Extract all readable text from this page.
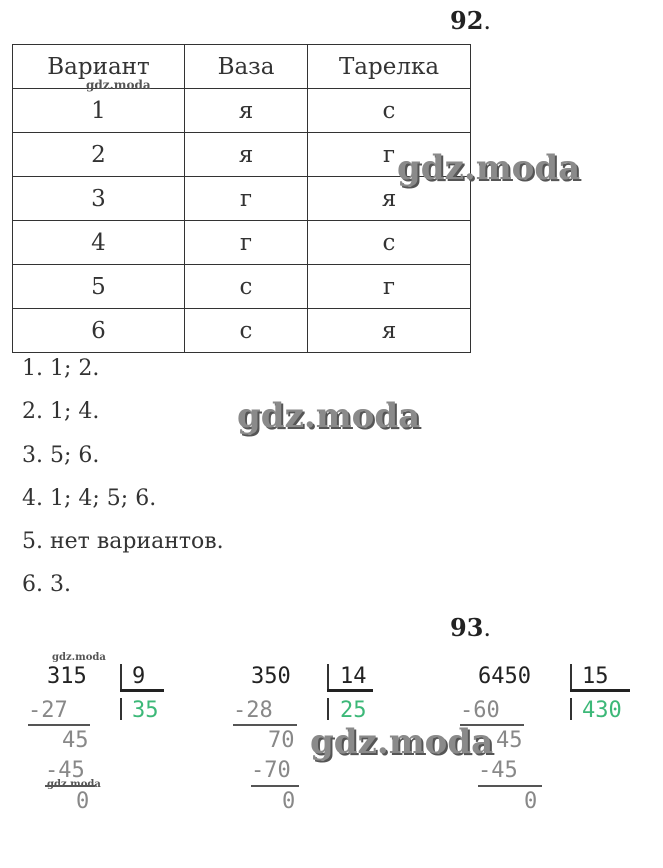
92.
Вариант	Ваза	Тарелка
1	я	с
2	я	г
3	г	я
4	г	с
5	с	г
6	с	я
1. 1; 2.
2. 1; 4.
3. 5; 6.
4. 1; 4; 5; 6.
5. нет вариантов.
6. 3.
93.
315 9
35
-27
45
-45
0
350 14
25
-28
70
-70
0
6450 15
430
-60
45
-45
0
gdz.moda
gdz.moda
gdz.moda
gdz.moda
gdz.moda
gdz.moda
